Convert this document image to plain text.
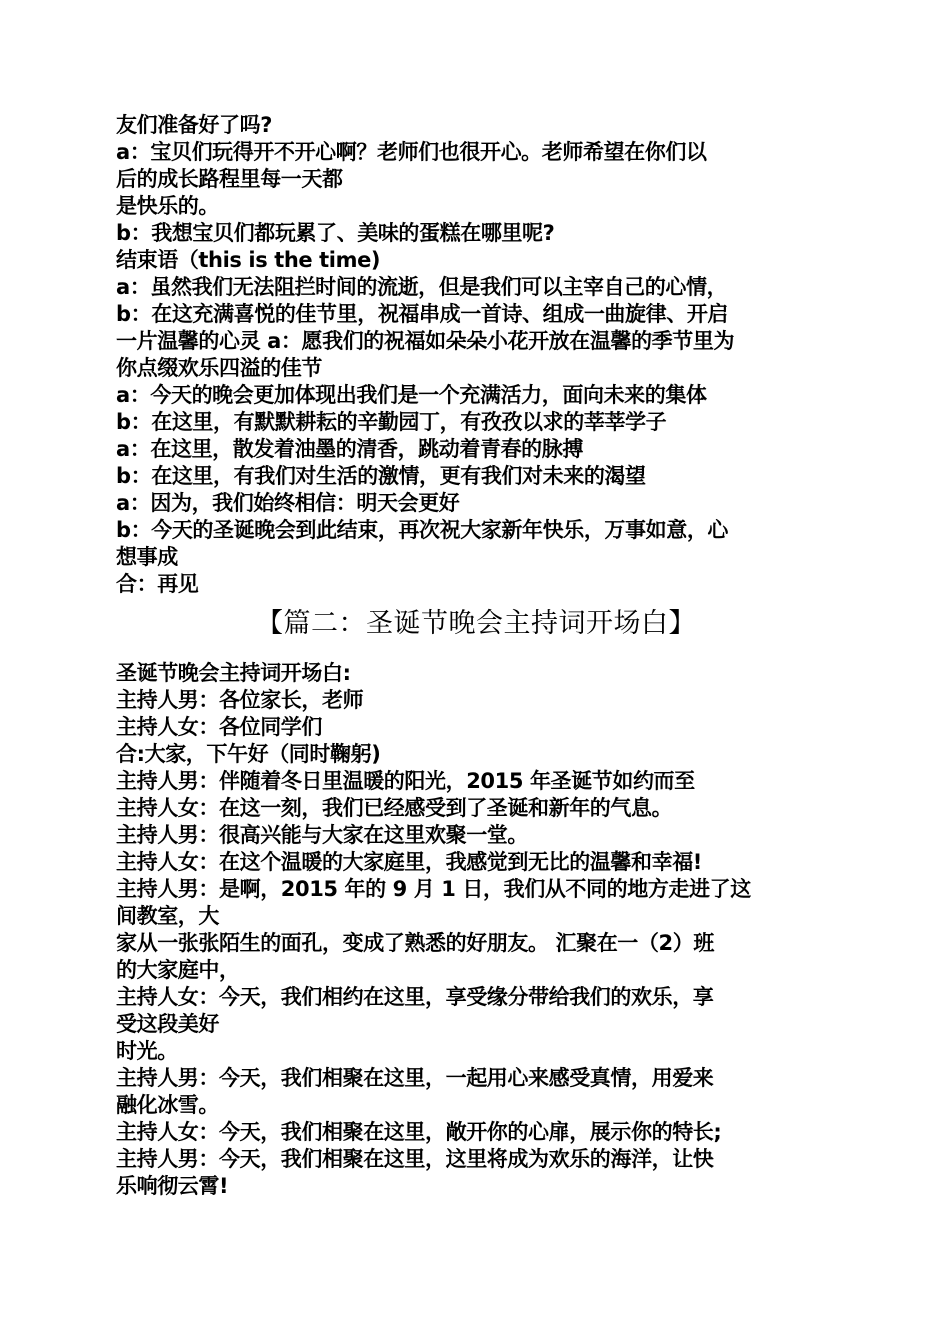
友们准备好了吗?
a：宝贝们玩得开不开心啊？老师们也很开心。老师希望在你们以
后的成长路程里每一天都
是快乐的。
b：我想宝贝们都玩累了、美味的蛋糕在哪里呢?
结束语（this is the time)
a：虽然我们无法阻拦时间的流逝，但是我们可以主宰自己的心情，
b：在这充满喜悦的佳节里，祝福串成一首诗、组成一曲旋律、开启
一片温馨的心灵 a：愿我们的祝福如朵朵小花开放在温馨的季节里为
你点缀欢乐四溢的佳节
a：今天的晚会更加体现出我们是一个充满活力，面向未来的集体
b：在这里，有默默耕耘的辛勤园丁，有孜孜以求的莘莘学子
a：在这里，散发着油墨的清香，跳动着青春的脉搏
b：在这里，有我们对生活的激情，更有我们对未来的渴望
a：因为，我们始终相信：明天会更好
b：今天的圣诞晚会到此结束，再次祝大家新年快乐，万事如意，心
想事成
合：再见
【篇二：圣诞节晚会主持词开场白】
圣诞节晚会主持词开场白:
主持人男：各位家长，老师
主持人女：各位同学们
合:大家，下午好（同时鞠躬)
主持人男：伴随着冬日里温暖的阳光，2015 年圣诞节如约而至
主持人女：在这一刻，我们已经感受到了圣诞和新年的气息。
主持人男：很高兴能与大家在这里欢聚一堂。
主持人女：在这个温暖的大家庭里，我感觉到无比的温馨和幸福!
主持人男：是啊，2015 年的 9 月 1 日，我们从不同的地方走进了这
间教室，大
家从一张张陌生的面孔，变成了熟悉的好朋友。 汇聚在一（2）班
的大家庭中，
主持人女：今天，我们相约在这里，享受缘分带给我们的欢乐，享
受这段美好
时光。
主持人男：今天，我们相聚在这里，一起用心来感受真情，用爱来
融化冰雪。
主持人女：今天，我们相聚在这里，敞开你的心扉，展示你的特长;
主持人男：今天，我们相聚在这里，这里将成为欢乐的海洋，让快
乐响彻云霄!
